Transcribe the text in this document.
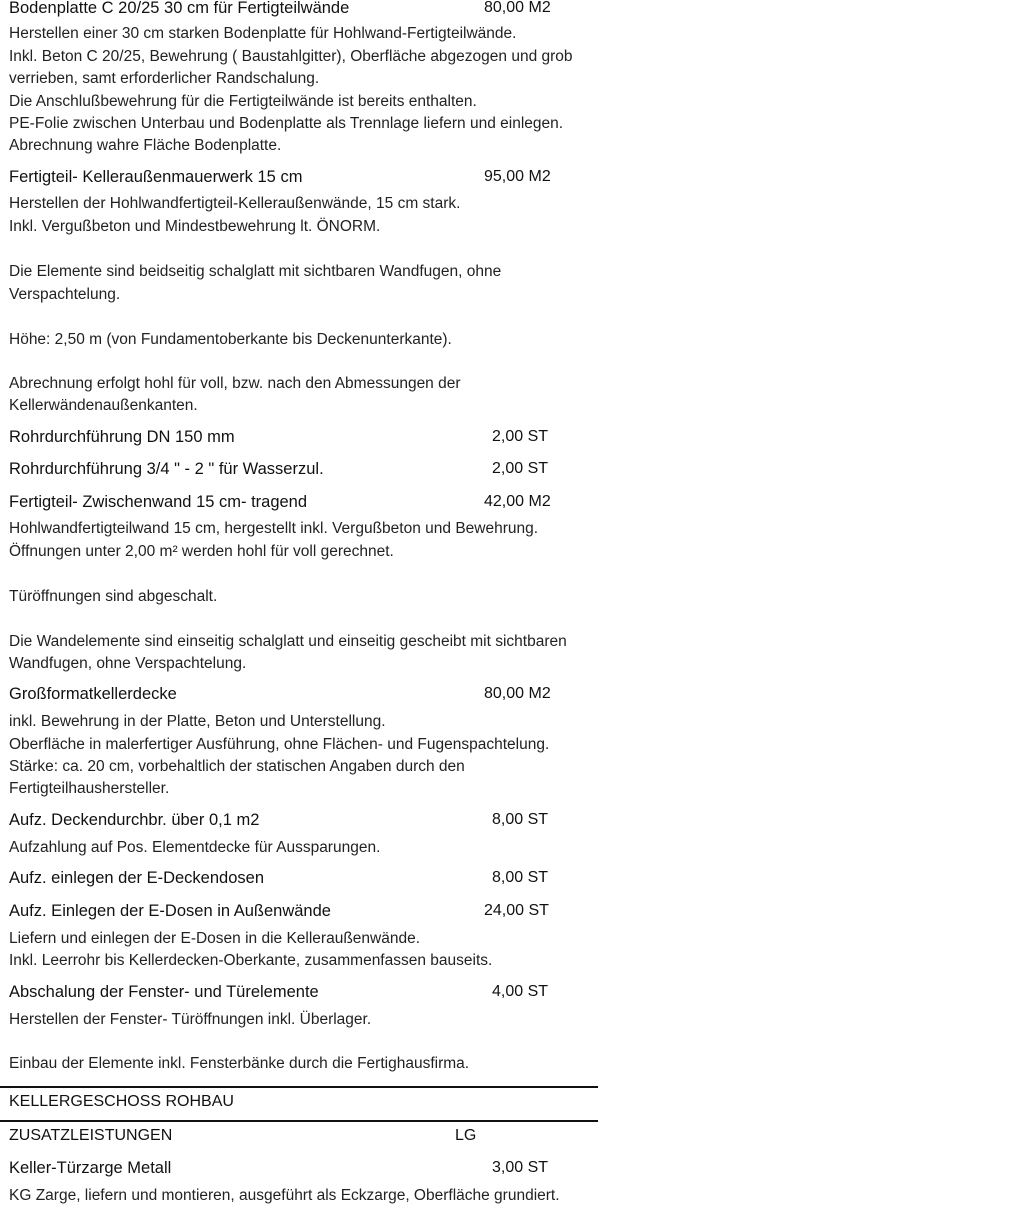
Bodenplatte C 20/25 30 cm für Fertigteilwände	80,00 M2
Herstellen einer 30 cm starken Bodenplatte für Hohlwand-Fertigteilwände.
Inkl. Beton C 20/25, Bewehrung ( Baustahlgitter), Oberfläche abgezogen und grob
verrieben, samt erforderlicher Randschalung.
Die Anschlußbewehrung für die Fertigteilwände ist bereits enthalten.
PE-Folie zwischen Unterbau und Bodenplatte als Trennlage liefern und einlegen.
Abrechnung wahre Fläche Bodenplatte.
Fertigteil- Kelleraußenmauerwerk 15 cm	95,00 M2
Herstellen der Hohlwandfertigteil-Kelleraußenwände, 15 cm stark.
Inkl. Vergußbeton und Mindestbewehrung lt. ÖNORM.
Die Elemente sind beidseitig schalglatt mit sichtbaren Wandfugen, ohne
Verspachtelung.
Höhe: 2,50 m (von Fundamentoberkante bis Deckenunterkante).
Abrechnung erfolgt hohl für voll, bzw. nach den Abmessungen der
Kellerwändenaußenkanten.
Rohrdurchführung DN 150 mm	2,00 ST
Rohrdurchführung 3/4 " - 2 " für Wasserzul.	2,00 ST
Fertigteil- Zwischenwand 15 cm- tragend	42,00 M2
Hohlwandfertigteilwand 15 cm, hergestellt inkl. Vergußbeton und Bewehrung.
Öffnungen unter 2,00 m² werden hohl für voll gerechnet.
Türöffnungen sind abgeschalt.
Die Wandelemente sind einseitig schalglatt und einseitig gescheibt mit sichtbaren
Wandfugen, ohne Verspachtelung.
Großformatkellerdecke	80,00 M2
inkl. Bewehrung in der Platte, Beton und Unterstellung.
Oberfläche in malerfertiger Ausführung, ohne Flächen- und Fugenspachtelung.
Stärke: ca. 20 cm, vorbehaltlich der statischen Angaben durch den
Fertigteilhaushersteller.
Aufz. Deckendurchbr. über 0,1 m2	8,00 ST
Aufzahlung auf Pos. Elementdecke für Aussparungen.
Aufz. einlegen der E-Deckendosen	8,00 ST
Aufz. Einlegen der E-Dosen in Außenwände	24,00 ST
Liefern und einlegen der E-Dosen in die Kelleraußenwände.
Inkl. Leerrohr bis Kellerdecken-Oberkante, zusammenfassen bauseits.
Abschalung der Fenster- und Türelemente	4,00 ST
Herstellen der Fenster- Türöffnungen inkl. Überlager.
Einbau der Elemente inkl. Fensterbänke durch die Fertighausfirma.
KELLERGESCHOSS ROHBAU
ZUSATZLEISTUNGEN	LG
Keller-Türzarge Metall	3,00 ST
KG Zarge, liefern und montieren, ausgeführt als Eckzarge, Oberfläche grundiert.
